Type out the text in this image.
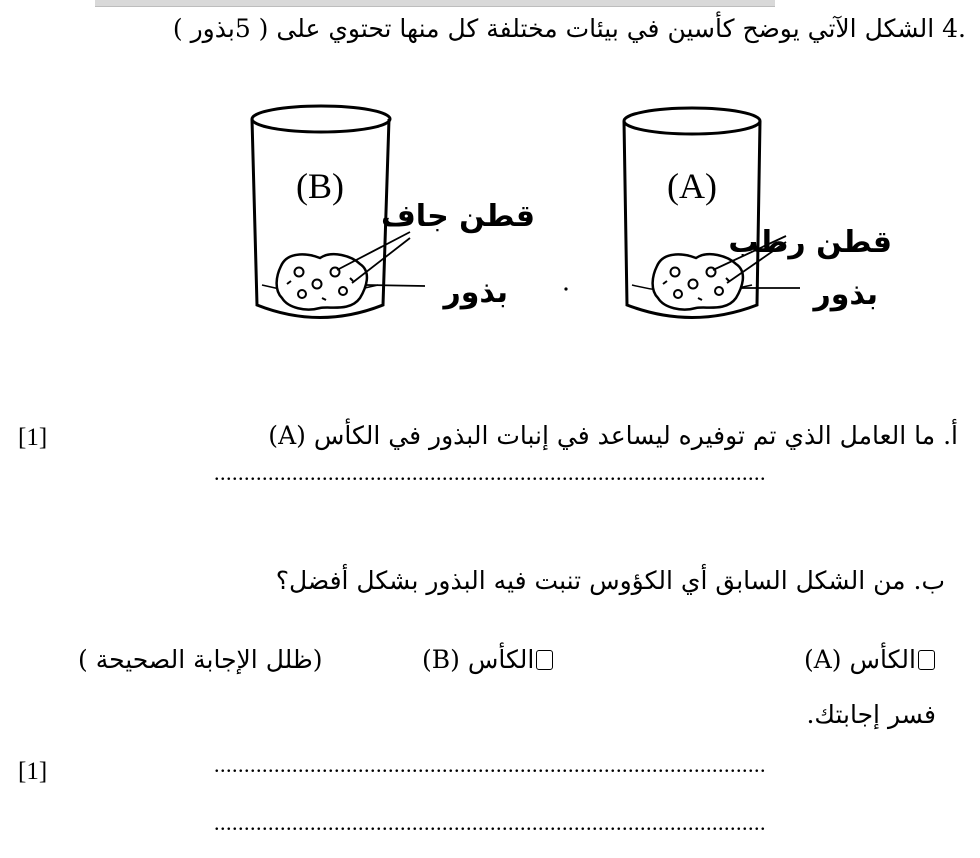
.4 الشكل الآتي يوضح كأسين في بيئات مختلفة كل منها تحتوي على ( 5بذور )
(B)
قطن جاف
بذور
(A)
قطن رطب
بذور
أ. ما العامل الذي تم توفيره ليساعد في إنبات البذور في الكأس (A)
[1]
............................................................................................
ب. من الشكل السابق أي الكؤوس تنبت فيه البذور بشكل أفضل؟
الكأس (A)
الكأس (B)
(ظلل الإجابة الصحيحة )
فسر إجابتك.
[1]	............................................................................................
............................................................................................
